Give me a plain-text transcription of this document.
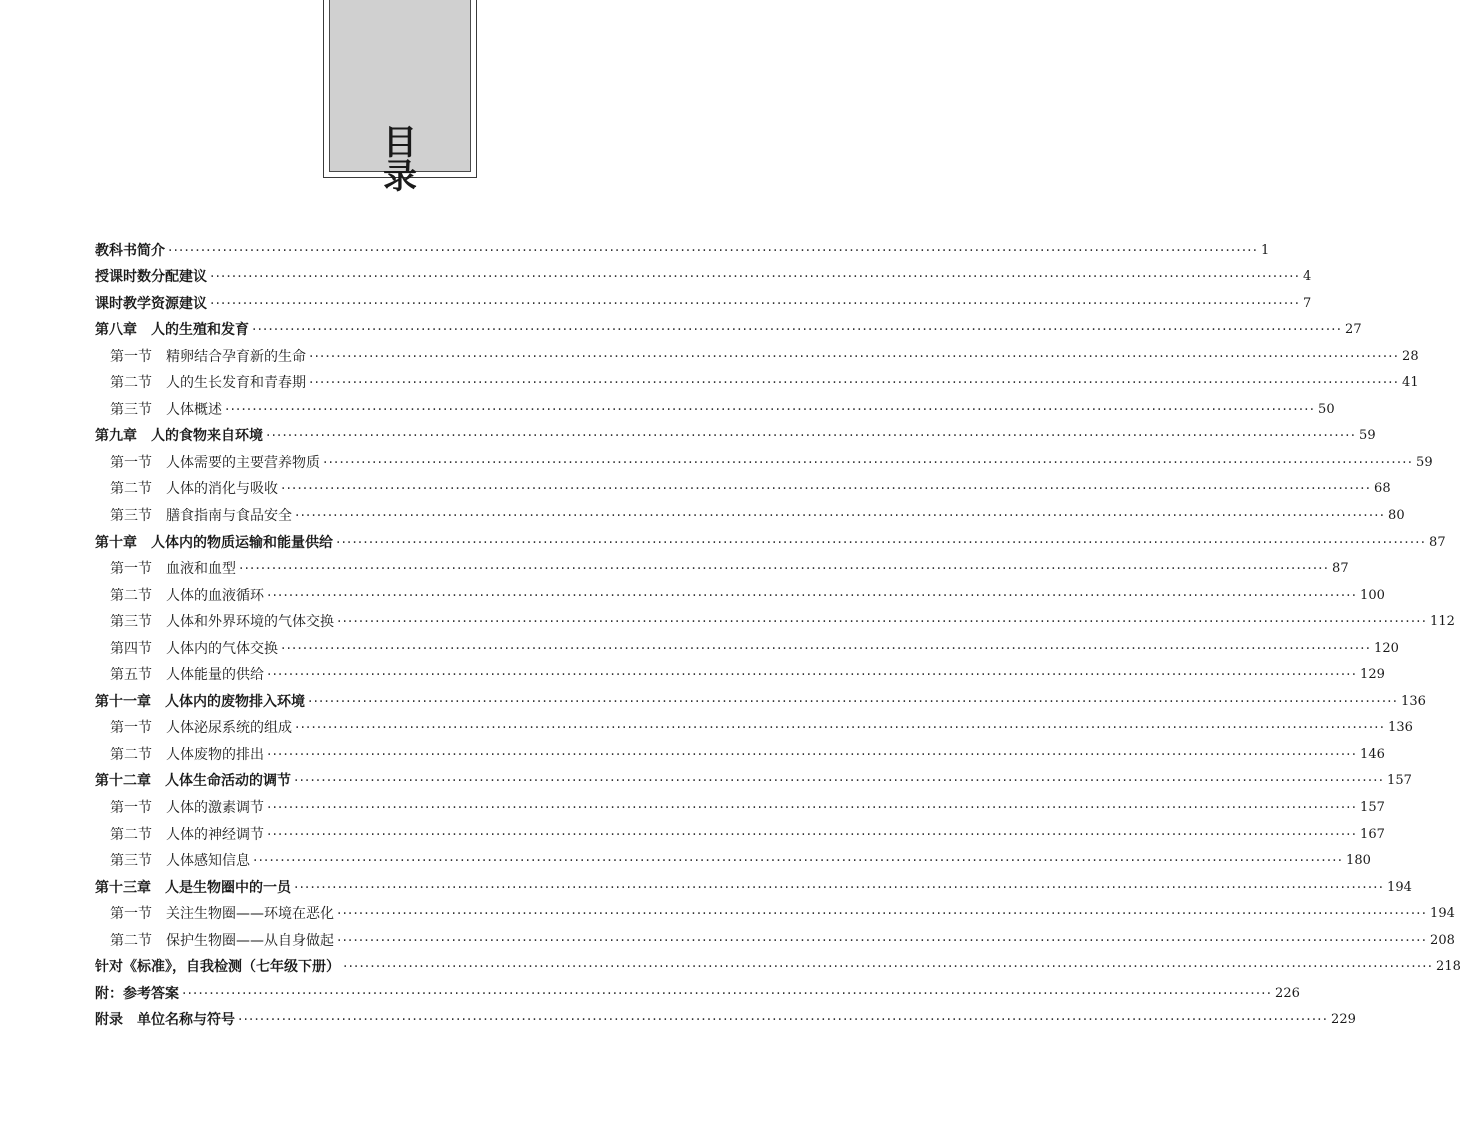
目 录
教科书简介 ········································································································································································································ 1
授课时数分配建议 ········································································································································································································ 4
课时教学资源建议 ········································································································································································································ 7
第八章　人的生殖和发育 ········································································································································································································ 27
第一节　精卵结合孕育新的生命 ········································································································································································································ 28
第二节　人的生长发育和青春期 ········································································································································································································ 41
第三节　人体概述 ········································································································································································································ 50
第九章　人的食物来自环境 ········································································································································································································ 59
第一节　人体需要的主要营养物质 ········································································································································································································ 59
第二节　人体的消化与吸收 ········································································································································································································ 68
第三节　膳食指南与食品安全 ········································································································································································································ 80
第十章　人体内的物质运输和能量供给 ········································································································································································································ 87
第一节　血液和血型 ········································································································································································································ 87
第二节　人体的血液循环 ········································································································································································································ 100
第三节　人体和外界环境的气体交换 ········································································································································································································ 112
第四节　人体内的气体交换 ········································································································································································································ 120
第五节　人体能量的供给 ········································································································································································································ 129
第十一章　人体内的废物排入环境 ········································································································································································································ 136
第一节　人体泌尿系统的组成 ········································································································································································································ 136
第二节　人体废物的排出 ········································································································································································································ 146
第十二章　人体生命活动的调节 ········································································································································································································ 157
第一节　人体的激素调节 ········································································································································································································ 157
第二节　人体的神经调节 ········································································································································································································ 167
第三节　人体感知信息 ········································································································································································································ 180
第十三章　人是生物圈中的一员 ········································································································································································································ 194
第一节　关注生物圈——环境在恶化 ········································································································································································································ 194
第二节　保护生物圈——从自身做起 ········································································································································································································ 208
针对《标准》，自我检测（七年级下册） ········································································································································································································ 218
附：参考答案 ········································································································································································································ 226
附录　单位名称与符号 ········································································································································································································ 229
